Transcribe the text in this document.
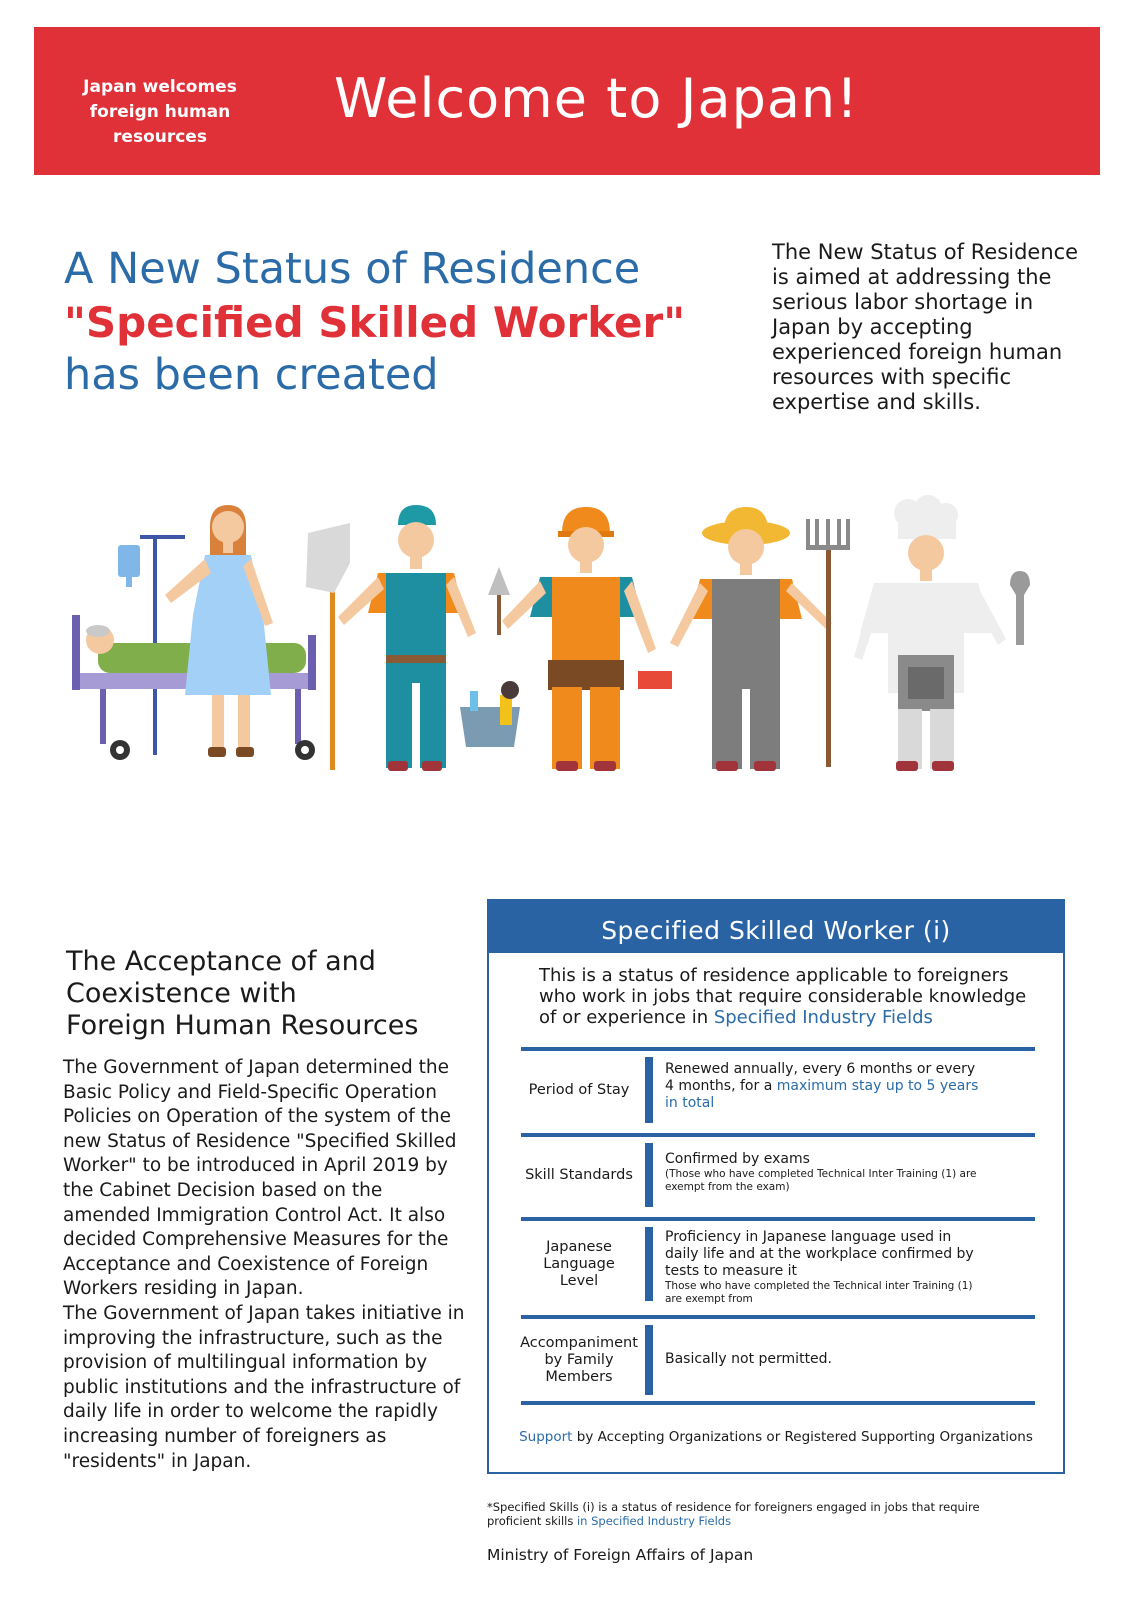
Japan welcomes
foreign human
resources
Welcome to Japan!
A New Status of Residence
"Specified Skilled Worker"
has been created
The New Status of Residence
is aimed at addressing the
serious labor shortage in
Japan by accepting
experienced foreign human
resources with specific
expertise and skills.
The Acceptance of and
Coexistence with
Foreign Human Resources

The Government of Japan determined the

Basic Policy and Field-Specific Operation

Policies on Operation of the system of the

new Status of Residence "Specified Skilled

Worker" to be introduced in April 2019 by

the Cabinet Decision based on the

amended Immigration Control Act. It also

decided Comprehensive Measures for the

Acceptance and Coexistence of Foreign

Workers residing in Japan.

The Government of Japan takes initiative in

improving the infrastructure, such as the

provision of multilingual information by

public institutions and the infrastructure of

daily life in order to welcome the rapidly

increasing number of foreigners as

"residents" in Japan.

Specified Skilled Worker (i)
This is a status of residence applicable to foreigners
who work in jobs that require considerable knowledge
of or experience in Specified Industry Fields
Period of Stay
Renewed annually, every 6 months or every
4 months, for a maximum stay up to 5 years
in total
Skill Standards
Confirmed by exams
(Those who have completed Technical Inter Training (1) are
exempt from the exam)
Japanese
Language
Level
Proficiency in Japanese language used in
daily life and at the workplace confirmed by
tests to measure it
Those who have completed the Technical inter Training (1)
are exempt from
Accompaniment
by Family
Members
Basically not permitted.
Support by Accepting Organizations or Registered Supporting Organizations
*Specified Skills (i) is a status of residence for foreigners engaged in jobs that require
proficient skills in Specified Industry Fields
Ministry of Foreign Affairs of Japan
